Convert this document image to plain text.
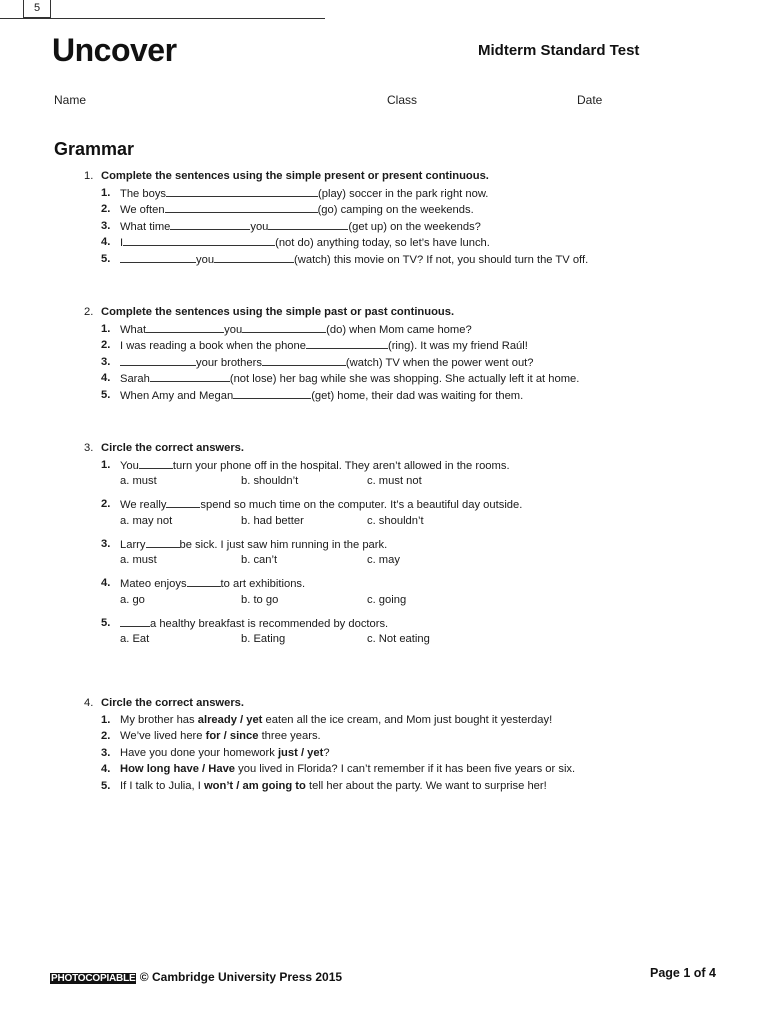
5
Uncover	Midterm Standard Test
Name	Class	Date
Grammar
1. Complete the sentences using the simple present or present continuous.
1. The boys	(play) soccer in the park right now.
2. We often	(go) camping on the weekends.
3. What time	you	(get up) on the weekends?
4. I	(not do) anything today, so let’s have lunch.
5.	you	(watch) this movie on TV? If not, you should turn the TV off.
2. Complete the sentences using the simple past or past continuous.
1. What	you	(do) when Mom came home?
2. I was reading a book when the phone	(ring). It was my friend Raúl!
3.	your brothers	(watch) TV when the power went out?
4. Sarah	(not lose) her bag while she was shopping. She actually left it at home.
5. When Amy and Megan	(get) home, their dad was waiting for them.
3. Circle the correct answers.
1. You	turn your phone off in the hospital. They aren’t allowed in the rooms.
a. must	b. shouldn’t	c. must not
2. We really	spend so much time on the computer. It’s a beautiful day outside.
a. may not	b. had better	c. shouldn’t
3. Larry	be sick. I just saw him running in the park.
a. must	b. can’t	c. may
4. Mateo enjoys	to art exhibitions.
a. go	b. to go	c. going
5.	a healthy breakfast is recommended by doctors.
a. Eat	b. Eating	c. Not eating
4. Circle the correct answers.
1. My brother has already / yet eaten all the ice cream, and Mom just bought it yesterday!
2. We’ve lived here for / since three years.
3. Have you done your homework just / yet?
4. How long have / Have you lived in Florida? I can’t remember if it has been five years or six.
5. If I talk to Julia, I won’t / am going to tell her about the party. We want to surprise her!
PHOTOCOPIABLE © Cambridge University Press 2015	Page 1 of 4
